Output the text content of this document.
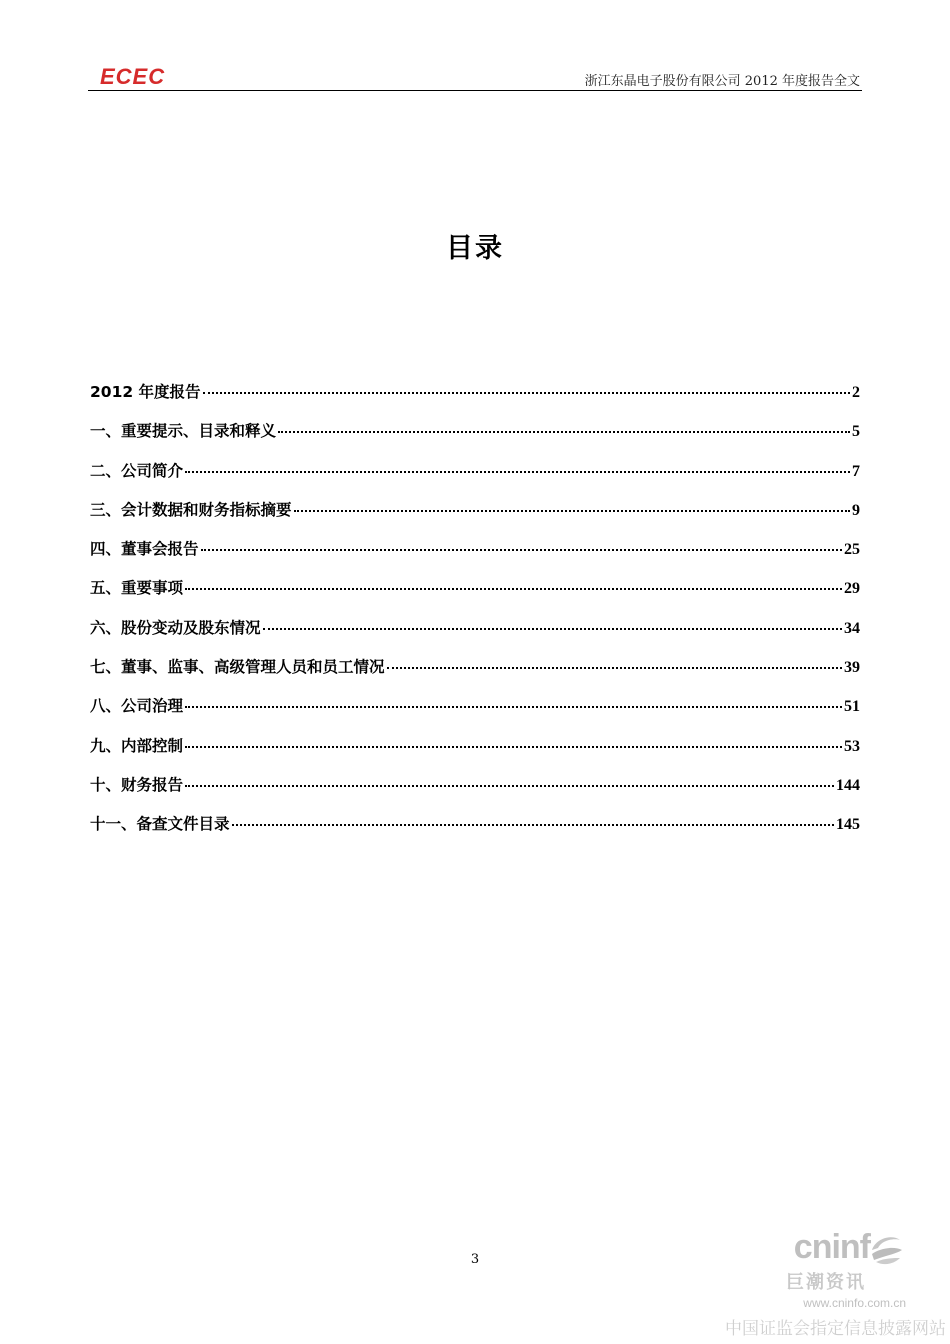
ECEC	浙江东晶电子股份有限公司 2012 年度报告全文
目录
2012 年度报告	2
一、重要提示、目录和释义	5
二、公司简介	7
三、会计数据和财务指标摘要	9
四、董事会报告	25
五、重要事项	29
六、股份变动及股东情况	34
七、董事、监事、高级管理人员和员工情况	39
八、公司治理	51
九、内部控制	53
十、财务报告	144
十一、备查文件目录	145
3	cninf
巨潮资讯
www.cninfo.com.cn
中国证监会指定信息披露网站
